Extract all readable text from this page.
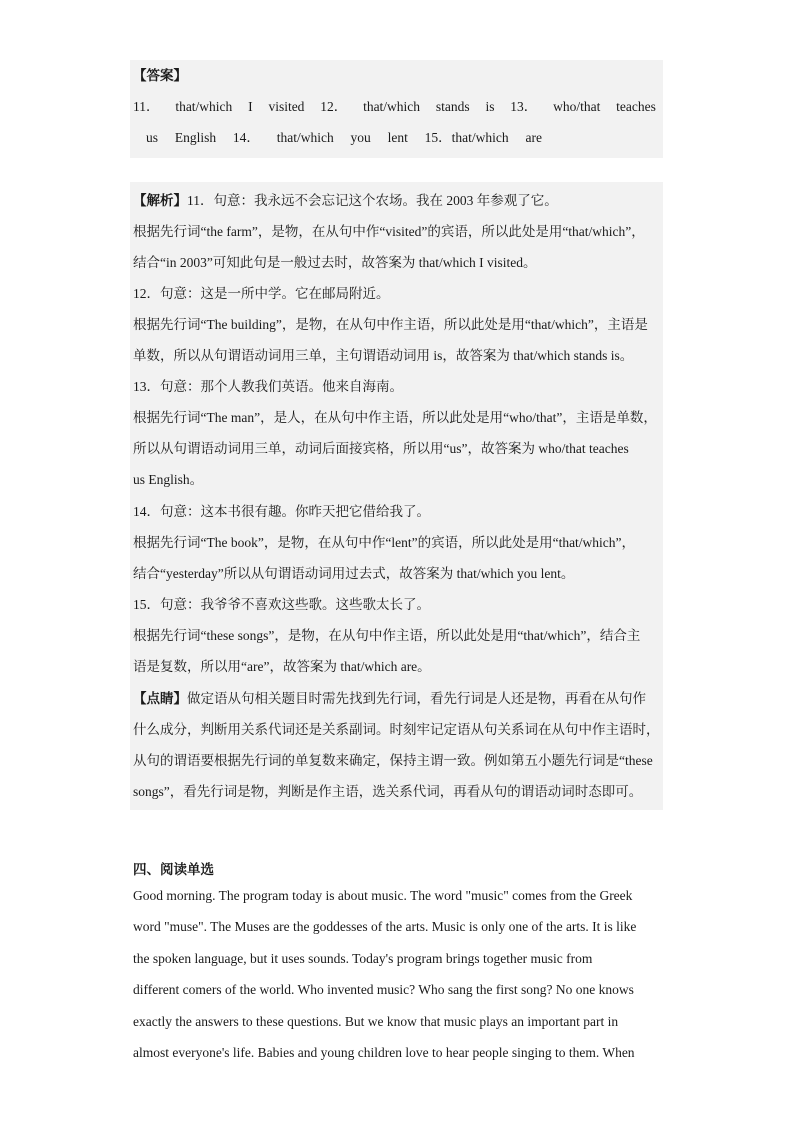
【答案】
11． that/which I visited 12． that/which stands is 13． who/that teaches
us English 14． that/which you lent 15．that/which are
【解析】11．句意：我永远不会忘记这个农场。我在 2003 年参观了它。
根据先行词“the farm”，是物，在从句中作“visited”的宾语，所以此处是用“that/which”，
结合“in 2003”可知此句是一般过去时，故答案为 that/which I visited。
12．句意：这是一所中学。它在邮局附近。
根据先行词“The building”，是物，在从句中作主语，所以此处是用“that/which”，主语是
单数，所以从句谓语动词用三单，主句谓语动词用 is，故答案为 that/which stands is。
13．句意：那个人教我们英语。他来自海南。
根据先行词“The man”，是人，在从句中作主语，所以此处是用“who/that”，主语是单数，
所以从句谓语动词用三单，动词后面接宾格，所以用“us”，故答案为 who/that teaches
us English。
14．句意：这本书很有趣。你昨天把它借给我了。
根据先行词“The book”，是物，在从句中作“lent”的宾语，所以此处是用“that/which”，
结合“yesterday”所以从句谓语动词用过去式，故答案为 that/which you lent。
15．句意：我爷爷不喜欢这些歌。这些歌太长了。
根据先行词“these songs”，是物，在从句中作主语，所以此处是用“that/which”，结合主
语是复数，所以用“are”，故答案为 that/which are。
【点睛】做定语从句相关题目时需先找到先行词，看先行词是人还是物，再看在从句作
什么成分，判断用关系代词还是关系副词。时刻牢记定语从句关系词在从句中作主语时，
从句的谓语要根据先行词的单复数来确定，保持主谓一致。例如第五小题先行词是“these
songs”，看先行词是物，判断是作主语，选关系代词，再看从句的谓语动词时态即可。
四、阅读单选
Good morning. The program today is about music. The word "music" comes from the Greek
word "muse". The Muses are the goddesses of the arts. Music is only one of the arts. It is like
the spoken language, but it uses sounds. Today's program brings together music from
different comers of the world. Who invented music? Who sang the first song? No one knows
exactly the answers to these questions. But we know that music plays an important part in
almost everyone's life. Babies and young children love to hear people singing to them. When
